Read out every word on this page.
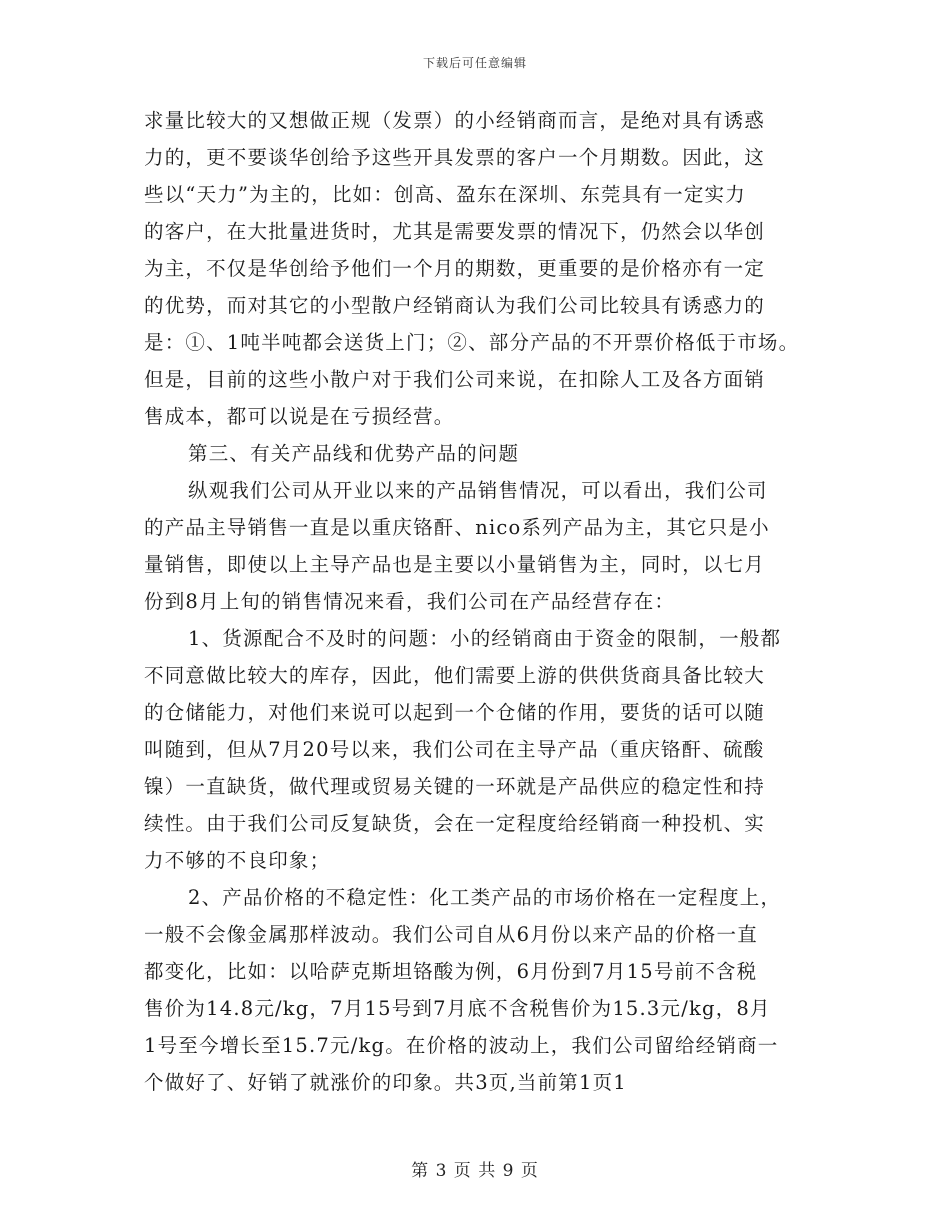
下载后可任意编辑
求量比较大的又想做正规（发票）的小经销商而言，是绝对具有诱惑
力的，更不要谈华创给予这些开具发票的客户一个月期数。因此，这
些以“天力”为主的，比如：创高、盈东在深圳、东莞具有一定实力
的客户，在大批量进货时，尤其是需要发票的情况下，仍然会以华创
为主，不仅是华创给予他们一个月的期数，更重要的是价格亦有一定
的优势，而对其它的小型散户经销商认为我们公司比较具有诱惑力的
是：①、1吨半吨都会送货上门；②、部分产品的不开票价格低于市场。
但是，目前的这些小散户对于我们公司来说，在扣除人工及各方面销
售成本，都可以说是在亏损经营。
第三、有关产品线和优势产品的问题
纵观我们公司从开业以来的产品销售情况，可以看出，我们公司
的产品主导销售一直是以重庆铬酐、nico系列产品为主，其它只是小
量销售，即使以上主导产品也是主要以小量销售为主，同时，以七月
份到8月上旬的销售情况来看，我们公司在产品经营存在：
1、货源配合不及时的问题：小的经销商由于资金的限制，一般都
不同意做比较大的库存，因此，他们需要上游的供供货商具备比较大
的仓储能力，对他们来说可以起到一个仓储的作用，要货的话可以随
叫随到，但从7月20号以来，我们公司在主导产品（重庆铬酐、硫酸
镍）一直缺货，做代理或贸易关键的一环就是产品供应的稳定性和持
续性。由于我们公司反复缺货，会在一定程度给经销商一种投机、实
力不够的不良印象；
2、产品价格的不稳定性：化工类产品的市场价格在一定程度上，
一般不会像金属那样波动。我们公司自从6月份以来产品的价格一直
都变化，比如：以哈萨克斯坦铬酸为例，6月份到7月15号前不含税
售价为14.8元/kg，7月15号到7月底不含税售价为15.3元/kg，8月
1号至今增长至15.7元/kg。在价格的波动上，我们公司留给经销商一
个做好了、好销了就涨价的印象。共3页,当前第1页1
第 3 页 共 9 页
